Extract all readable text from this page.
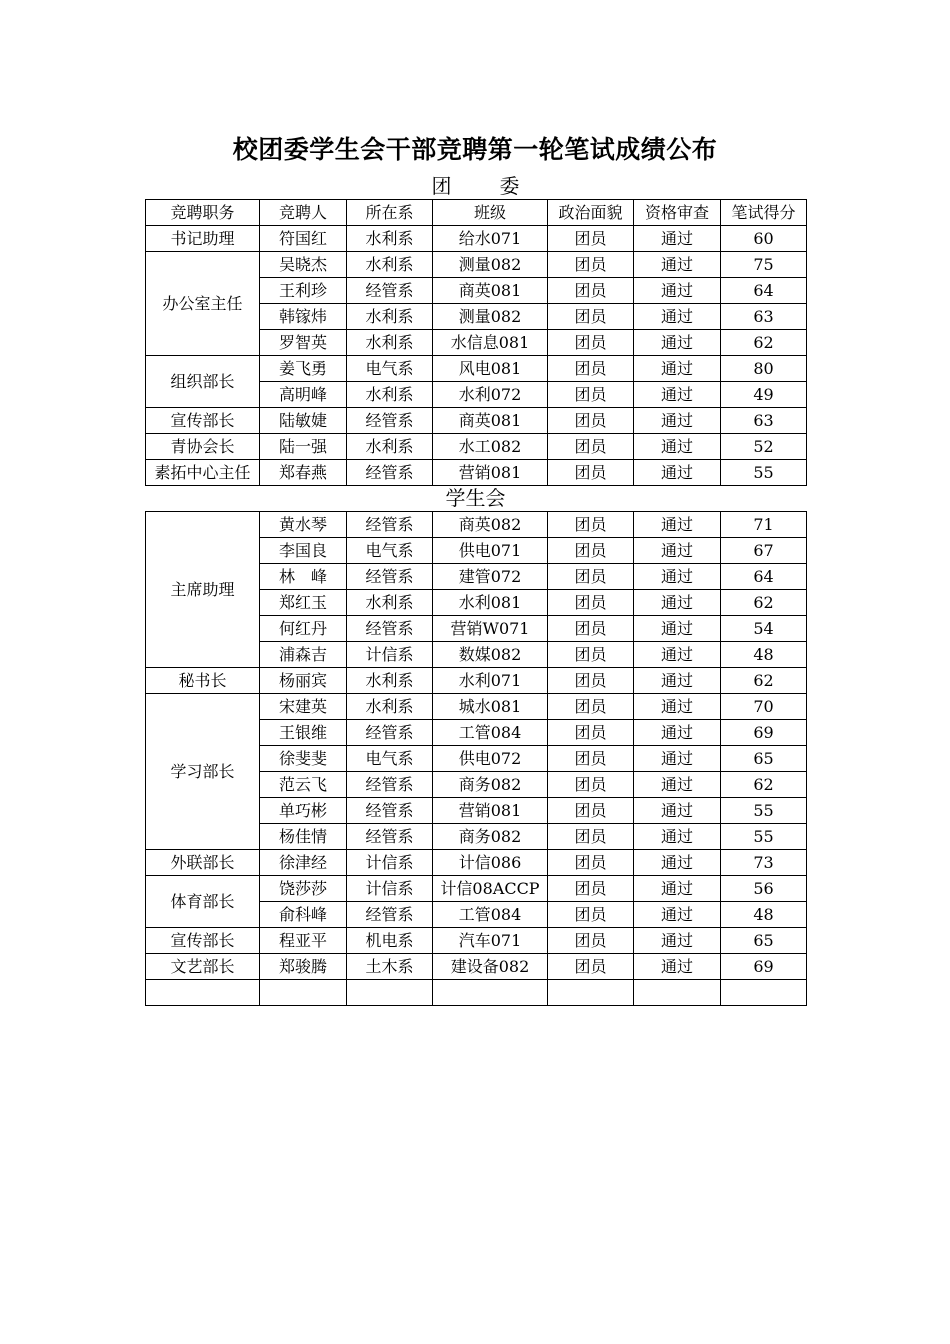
校团委学生会干部竞聘第一轮笔试成绩公布
团　委
竞聘职务	竞聘人	所在系	班级	政治面貌	资格审查	笔试得分
书记助理	符国红	水利系	给水071	团员	通过	60
办公室主任	吴晓杰	水利系	测量082	团员	通过	75
	王利珍	经管系	商英081	团员	通过	64
	韩镓炜	水利系	测量082	团员	通过	63
	罗智英	水利系	水信息081	团员	通过	62
组织部长	姜飞勇	电气系	风电081	团员	通过	80
	高明峰	水利系	水利072	团员	通过	49
宣传部长	陆敏婕	经管系	商英081	团员	通过	63
青协会长	陆一强	水利系	水工082	团员	通过	52
素拓中心主任	郑春燕	经管系	营销081	团员	通过	55
学生会
主席助理	黄水琴	经管系	商英082	团员	通过	71
	李国良	电气系	供电071	团员	通过	67
	林　峰	经管系	建管072	团员	通过	64
	郑红玉	水利系	水利081	团员	通过	62
	何红丹	经管系	营销W071	团员	通过	54
	浦森吉	计信系	数媒082	团员	通过	48
秘书长	杨丽宾	水利系	水利071	团员	通过	62
学习部长	宋建英	水利系	城水081	团员	通过	70
	王银维	经管系	工管084	团员	通过	69
	徐斐斐	电气系	供电072	团员	通过	65
	范云飞	经管系	商务082	团员	通过	62
	单巧彬	经管系	营销081	团员	通过	55
	杨佳情	经管系	商务082	团员	通过	55
外联部长	徐津经	计信系	计信086	团员	通过	73
体育部长	饶莎莎	计信系	计信08ACCP	团员	通过	56
	俞科峰	经管系	工管084	团员	通过	48
宣传部长	程亚平	机电系	汽车071	团员	通过	65
文艺部长	郑骏腾	土木系	建设备082	团员	通过	69
